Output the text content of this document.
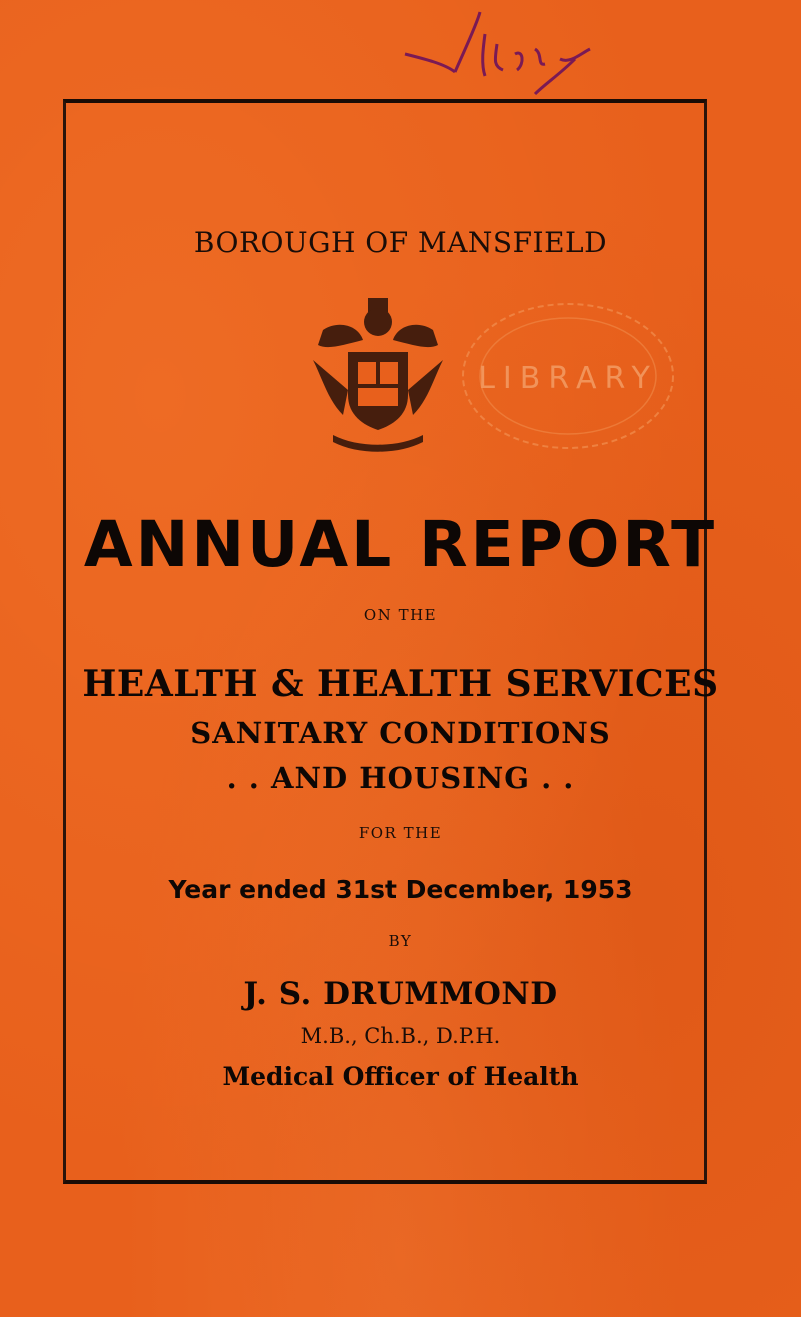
BOROUGH OF MANSFIELD
LIBRARY
ANNUAL REPORT
ON THE
HEALTH & HEALTH SERVICES
SANITARY CONDITIONS
. . AND HOUSING . .
FOR THE
Year ended 31st December, 1953
BY
J. S. DRUMMOND
M.B., Ch.B., D.P.H.
Medical Officer of Health
